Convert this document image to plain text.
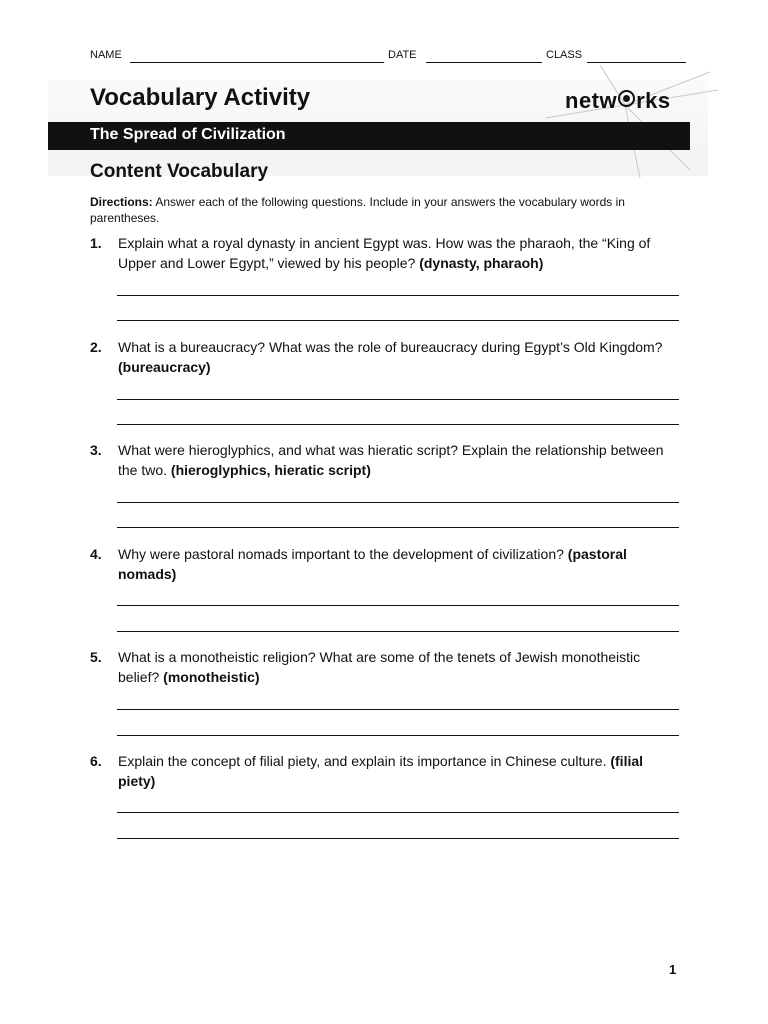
NAME	DATE	CLASS
Vocabulary Activity	netw rks
The Spread of Civilization
Content Vocabulary
Directions: Answer each of the following questions. Include in your answers the vocabulary words in parentheses.
1. Explain what a royal dynasty in ancient Egypt was. How was the pharaoh, the “King of Upper and Lower Egypt,” viewed by his people? (dynasty, pharaoh)
2. What is a bureaucracy? What was the role of bureaucracy during Egypt’s Old Kingdom? (bureaucracy)
3. What were hieroglyphics, and what was hieratic script? Explain the relationship between the two. (hieroglyphics, hieratic script)
4. Why were pastoral nomads important to the development of civilization? (pastoral nomads)
5. What is a monotheistic religion? What are some of the tenets of Jewish monotheistic belief? (monotheistic)
6. Explain the concept of filial piety, and explain its importance in Chinese culture. (filial piety)
1
